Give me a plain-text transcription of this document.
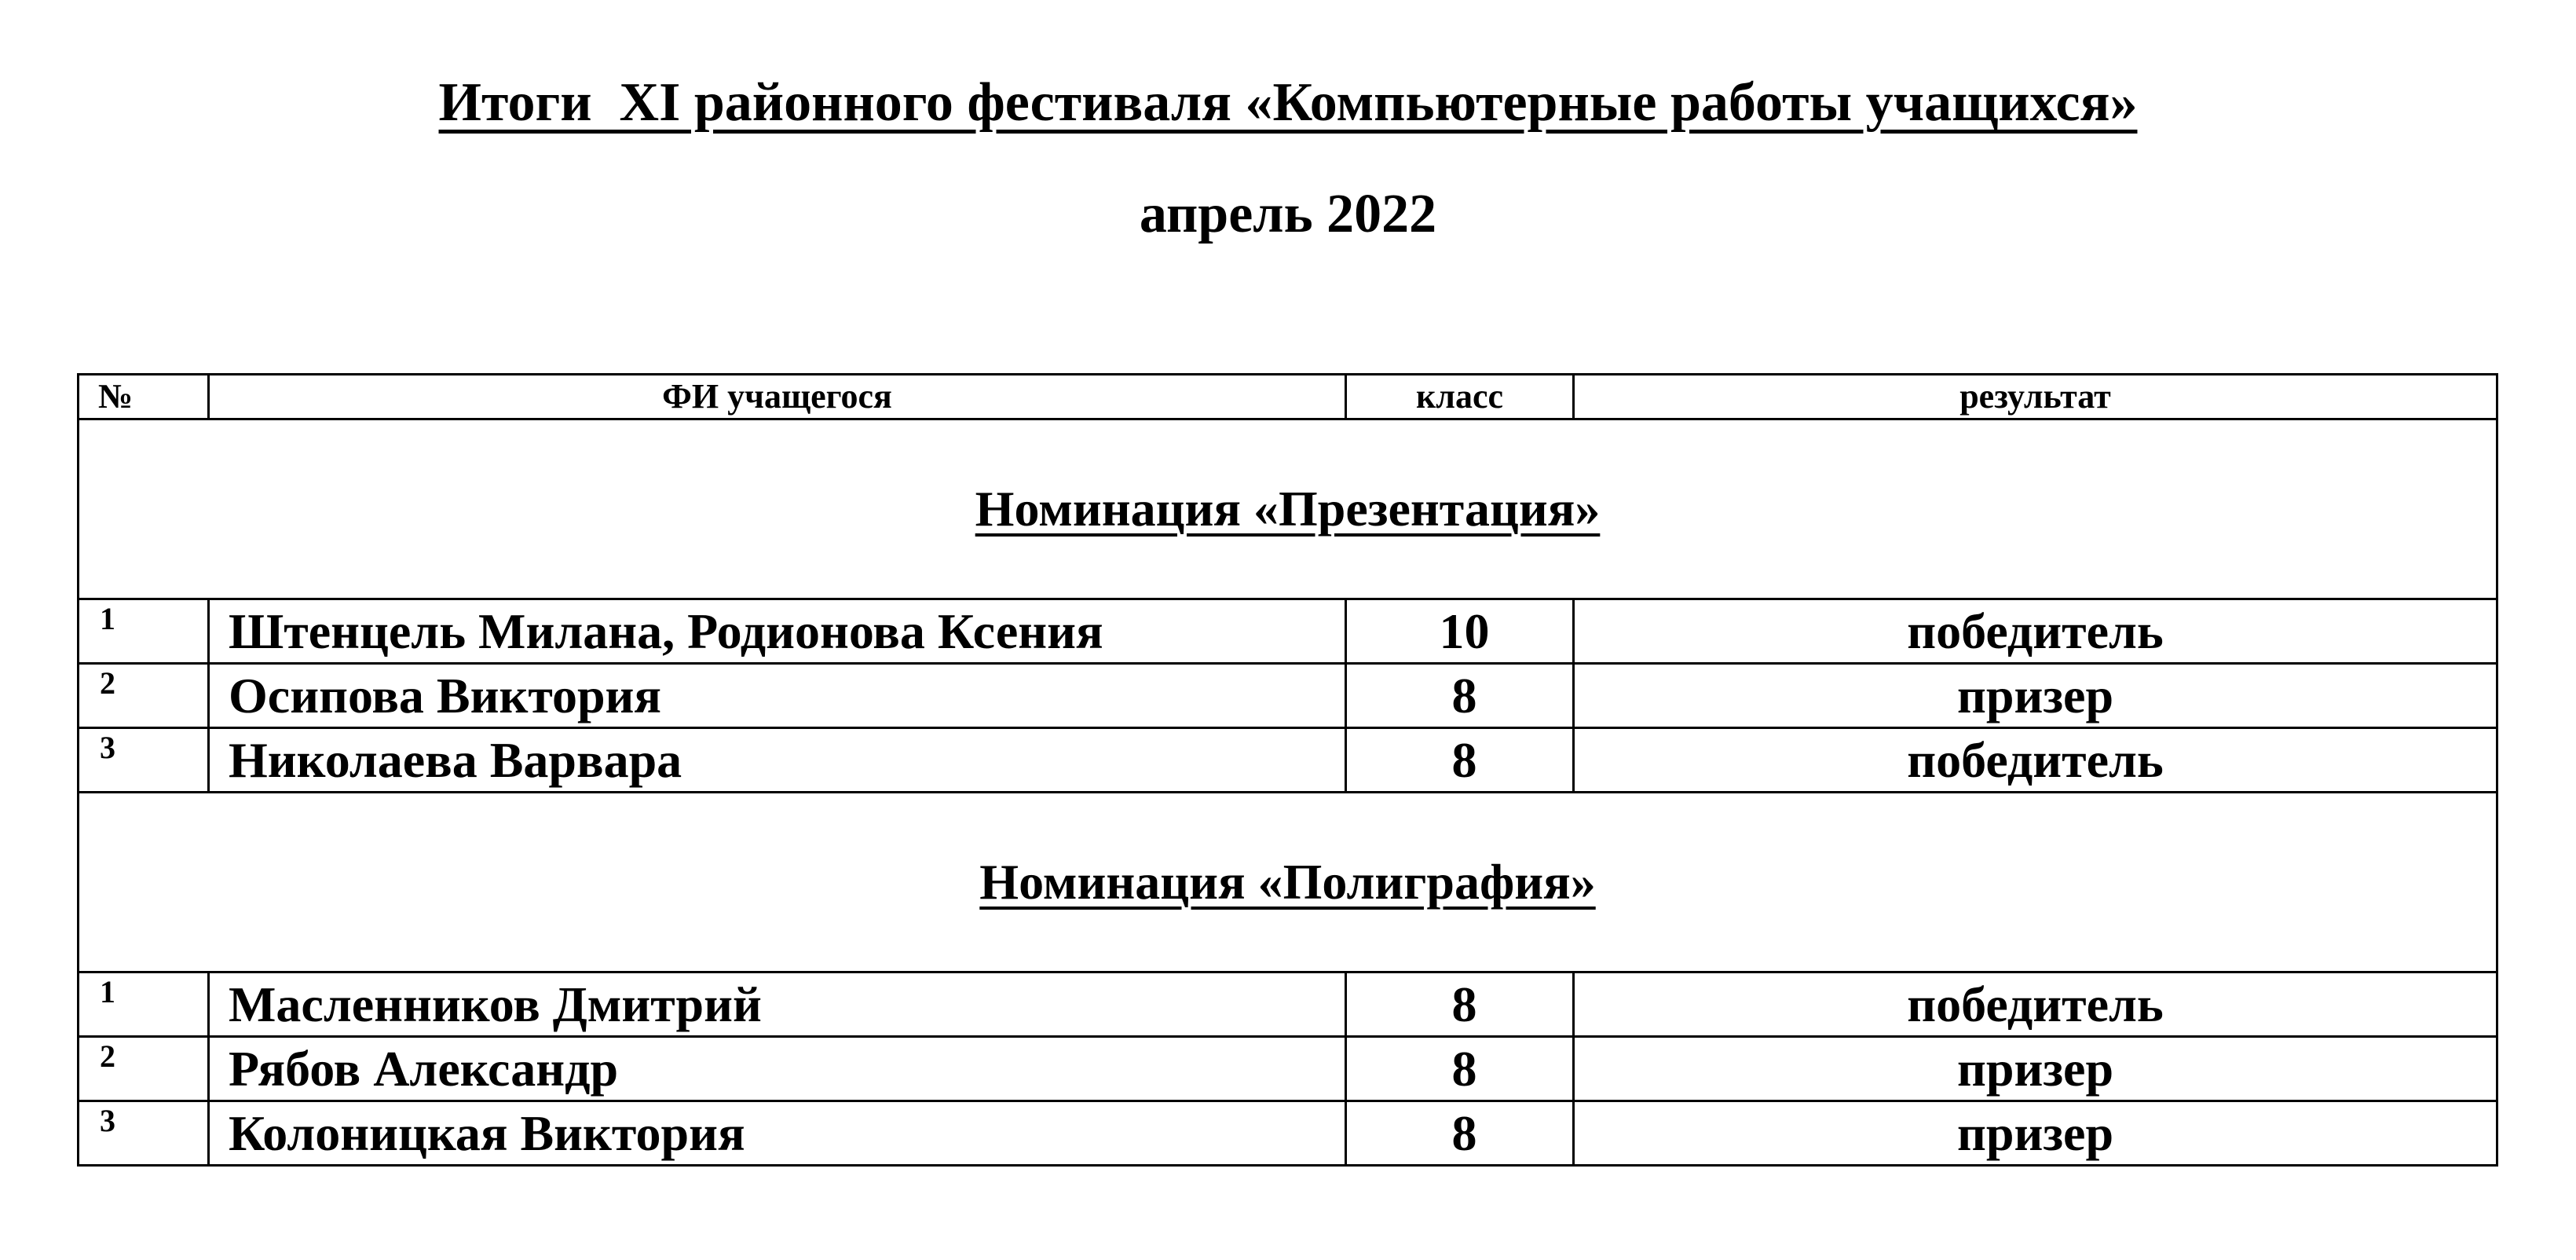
Итоги  XI районного фестиваля «Компьютерные работы учащихся»
апрель 2022
№	ФИ учащегося	класс	результат
Номинация «Презентация»			
1	Штенцель Милана, Родионова Ксения	10	победитель
2	Осипова Виктория	8	призер
3	Николаева Варвара	8	победитель
Номинация «Полиграфия»			
1	Масленников Дмитрий	8	победитель
2	Рябов Александр	8	призер
3	Колоницкая Виктория	8	призер
